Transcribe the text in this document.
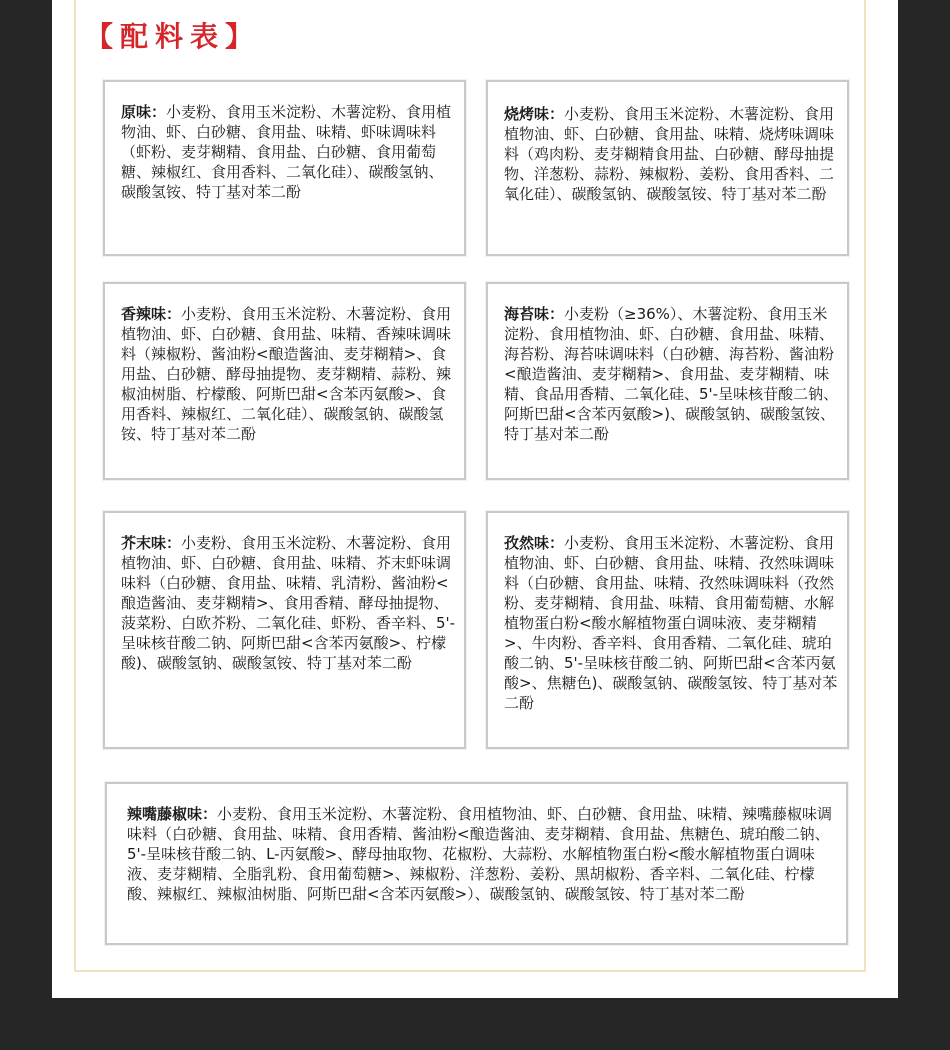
【配料表】
原味：小麦粉、食用玉米淀粉、木薯淀粉、食用植物油、虾、白砂糖、食用盐、味精、虾味调味料（虾粉、麦芽糊精、食用盐、白砂糖、食用葡萄糖、辣椒红、食用香料、二氧化硅）、碳酸氢钠、碳酸氢铵、特丁基对苯二酚
烧烤味：小麦粉、食用玉米淀粉、木薯淀粉、食用植物油、虾、白砂糖、食用盐、味精、烧烤味调味料（鸡肉粉、麦芽糊精食用盐、白砂糖、酵母抽提物、洋葱粉、蒜粉、辣椒粉、姜粉、食用香料、二氧化硅）、碳酸氢钠、碳酸氢铵、特丁基对苯二酚
香辣味：小麦粉、食用玉米淀粉、木薯淀粉、食用植物油、虾、白砂糖、食用盐、味精、香辣味调味料（辣椒粉、酱油粉<酿造酱油、麦芽糊精>、食用盐、白砂糖、酵母抽提物、麦芽糊精、蒜粉、辣椒油树脂、柠檬酸、阿斯巴甜<含苯丙氨酸>、食用香料、辣椒红、二氧化硅）、碳酸氢钠、碳酸氢铵、特丁基对苯二酚
海苔味：小麦粉（≥36%）、木薯淀粉、食用玉米淀粉、食用植物油、虾、白砂糖、食用盐、味精、海苔粉、海苔味调味料（白砂糖、海苔粉、酱油粉<酿造酱油、麦芽糊精>、食用盐、麦芽糊精、味精、食品用香精、二氧化硅、5'-呈味核苷酸二钠、阿斯巴甜<含苯丙氨酸>)、碳酸氢钠、碳酸氢铵、特丁基对苯二酚
芥末味：小麦粉、食用玉米淀粉、木薯淀粉、食用植物油、虾、白砂糖、食用盐、味精、芥末虾味调味料（白砂糖、食用盐、味精、乳清粉、酱油粉<酿造酱油、麦芽糊精>、食用香精、酵母抽提物、菠菜粉、白欧芥粉、二氧化硅、虾粉、香辛料、5'-呈味核苷酸二钠、阿斯巴甜<含苯丙氨酸>、柠檬酸)、碳酸氢钠、碳酸氢铵、特丁基对苯二酚
孜然味：小麦粉、食用玉米淀粉、木薯淀粉、食用植物油、虾、白砂糖、食用盐、味精、孜然味调味料（白砂糖、食用盐、味精、孜然味调味料（孜然粉、麦芽糊精、食用盐、味精、食用葡萄糖、水解植物蛋白粉<酸水解植物蛋白调味液、麦芽糊精>、牛肉粉、香辛料、食用香精、二氧化硅、琥珀酸二钠、5'-呈味核苷酸二钠、阿斯巴甜<含苯丙氨酸>、焦糖色)、碳酸氢钠、碳酸氢铵、特丁基对苯二酚
辣嘴藤椒味：小麦粉、食用玉米淀粉、木薯淀粉、食用植物油、虾、白砂糖、食用盐、味精、辣嘴藤椒味调味料（白砂糖、食用盐、味精、食用香精、酱油粉<酿造酱油、麦芽糊精、食用盐、焦糖色、琥珀酸二钠、5'-呈味核苷酸二钠、L-丙氨酸>、酵母抽取物、花椒粉、大蒜粉、水解植物蛋白粉<酸水解植物蛋白调味液、麦芽糊精、全脂乳粉、食用葡萄糖>、辣椒粉、洋葱粉、姜粉、黑胡椒粉、香辛料、二氧化硅、柠檬酸、辣椒红、辣椒油树脂、阿斯巴甜<含苯丙氨酸>）、碳酸氢钠、碳酸氢铵、特丁基对苯二酚
